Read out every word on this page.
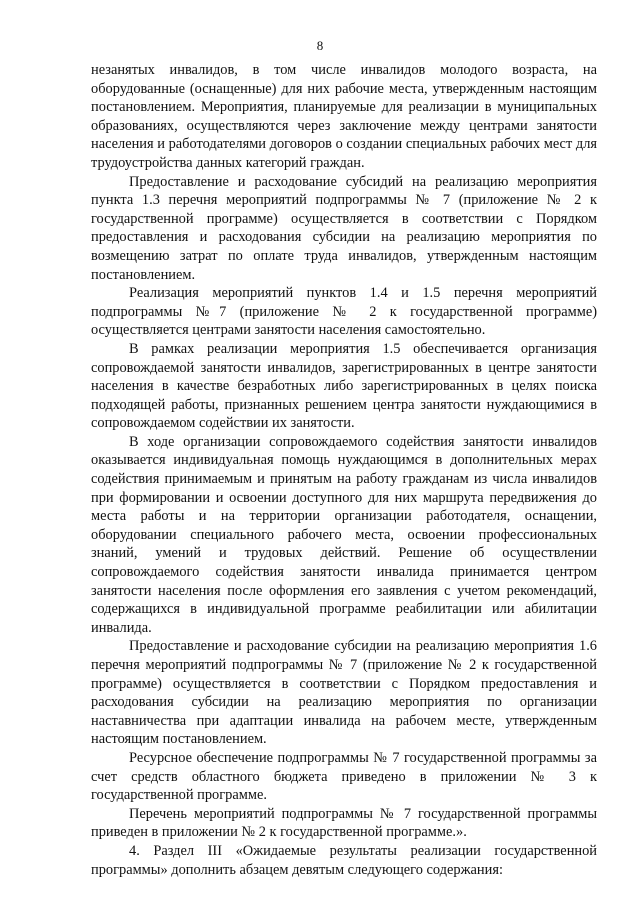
8

незанятых инвалидов, в том числе инвалидов молодого возраста, на оборудованные (оснащенные) для них рабочие места, утвержденным настоящим постановлением. Мероприятия, планируемые для реализации в муниципальных образованиях, осуществляются через заключение между центрами занятости населения и работодателями договоров о создании специальных рабочих мест для трудоустройства данных категорий граждан.

Предоставление и расходование субсидий на реализацию мероприятия пункта 1.3 перечня мероприятий подпрограммы № 7 (приложение № 2 к государственной программе) осуществляется в соответствии с Порядком предоставления и расходования субсидии на реализацию мероприятия по возмещению затрат по оплате труда инвалидов, утвержденным настоящим постановлением.

Реализация мероприятий пунктов 1.4 и 1.5 перечня мероприятий подпрограммы №7 (приложение № 2 к государственной программе) осуществляется центрами занятости населения самостоятельно.

В рамках реализации мероприятия 1.5 обеспечивается организация сопровождаемой занятости инвалидов, зарегистрированных в центре занятости населения в качестве безработных либо зарегистрированных в целях поиска подходящей работы, признанных решением центра занятости нуждающимися в сопровождаемом содействии их занятости.

В ходе организации сопровождаемого содействия занятости инвалидов оказывается индивидуальная помощь нуждающимся в дополнительных мерах содействия принимаемым и принятым на работу гражданам из числа инвалидов при формировании и освоении доступного для них маршрута передвижения до места работы и на территории организации работодателя, оснащении, оборудовании специального рабочего места, освоении профессиональных знаний, умений и трудовых действий. Решение об осуществлении сопровождаемого содействия занятости инвалида принимается центром занятости населения после оформления его заявления с учетом рекомендаций, содержащихся в индивидуальной программе реабилитации или абилитации инвалида.

Предоставление и расходование субсидии на реализацию мероприятия 1.6 перечня мероприятий подпрограммы № 7 (приложение № 2 к государственной программе) осуществляется в соответствии с Порядком предоставления и расходования субсидии на реализацию мероприятия по организации наставничества при адаптации инвалида на рабочем месте, утвержденным настоящим постановлением.

Ресурсное обеспечение подпрограммы № 7 государственной программы за счет средств областного бюджета приведено в приложении № 3 к государственной программе.

Перечень мероприятий подпрограммы № 7 государственной программы приведен в приложении № 2 к государственной программе.».

4. Раздел III «Ожидаемые результаты реализации государственной программы» дополнить абзацем девятым следующего содержания:
